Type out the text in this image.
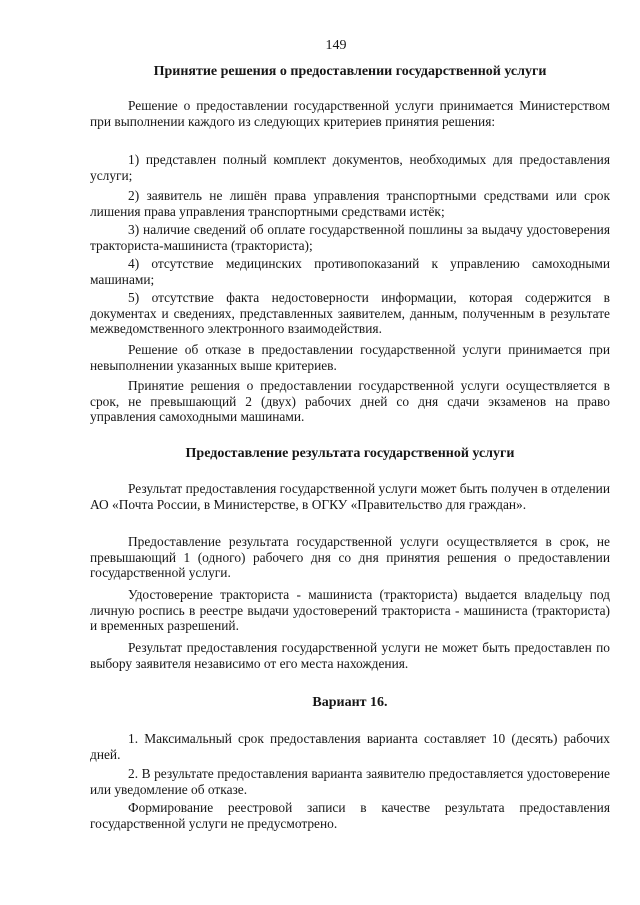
149
Принятие решения о предоставлении государственной услуги

Решение о предоставлении государственной услуги принимается Министерством при выполнении каждого из следующих критериев принятия решения:

1) представлен полный комплект документов, необходимых для предоставления услуги;

2) заявитель не лишён права управления транспортными средствами или срок лишения права управления транспортными средствами истёк;

3) наличие сведений об оплате государственной пошлины за выдачу удостоверения тракториста-машиниста (тракториста);

4) отсутствие медицинских противопоказаний к управлению самоходными машинами;

5) отсутствие факта недостоверности информации, которая содержится в документах и сведениях, представленных заявителем, данным, полученным в результате межведомственного электронного взаимодействия.

Решение об отказе в предоставлении государственной услуги принимается при невыполнении указанных выше критериев.

Принятие решения о предоставлении государственной услуги осуществляется в срок, не превышающий 2 (двух) рабочих дней со дня сдачи экзаменов на право управления самоходными машинами.

Предоставление результата государственной услуги

Результат предоставления государственной услуги может быть получен в отделении АО «Почта России, в Министерстве, в ОГКУ «Правительство для граждан».

Предоставление результата государственной услуги осуществляется в срок, не превышающий 1 (одного) рабочего дня со дня принятия решения о предоставлении государственной услуги.

Удостоверение тракториста - машиниста (тракториста) выдается владельцу под личную роспись в реестре выдачи удостоверений тракториста - машиниста (тракториста) и временных разрешений.

Результат предоставления государственной услуги не может быть предоставлен по выбору заявителя независимо от его места нахождения.

Вариант 16.

1. Максимальный срок предоставления варианта составляет 10 (десять) рабочих дней.

2. В результате предоставления варианта заявителю предоставляется удостоверение или уведомление об отказе.

Формирование реестровой записи в качестве результата предоставления государственной услуги не предусмотрено.
